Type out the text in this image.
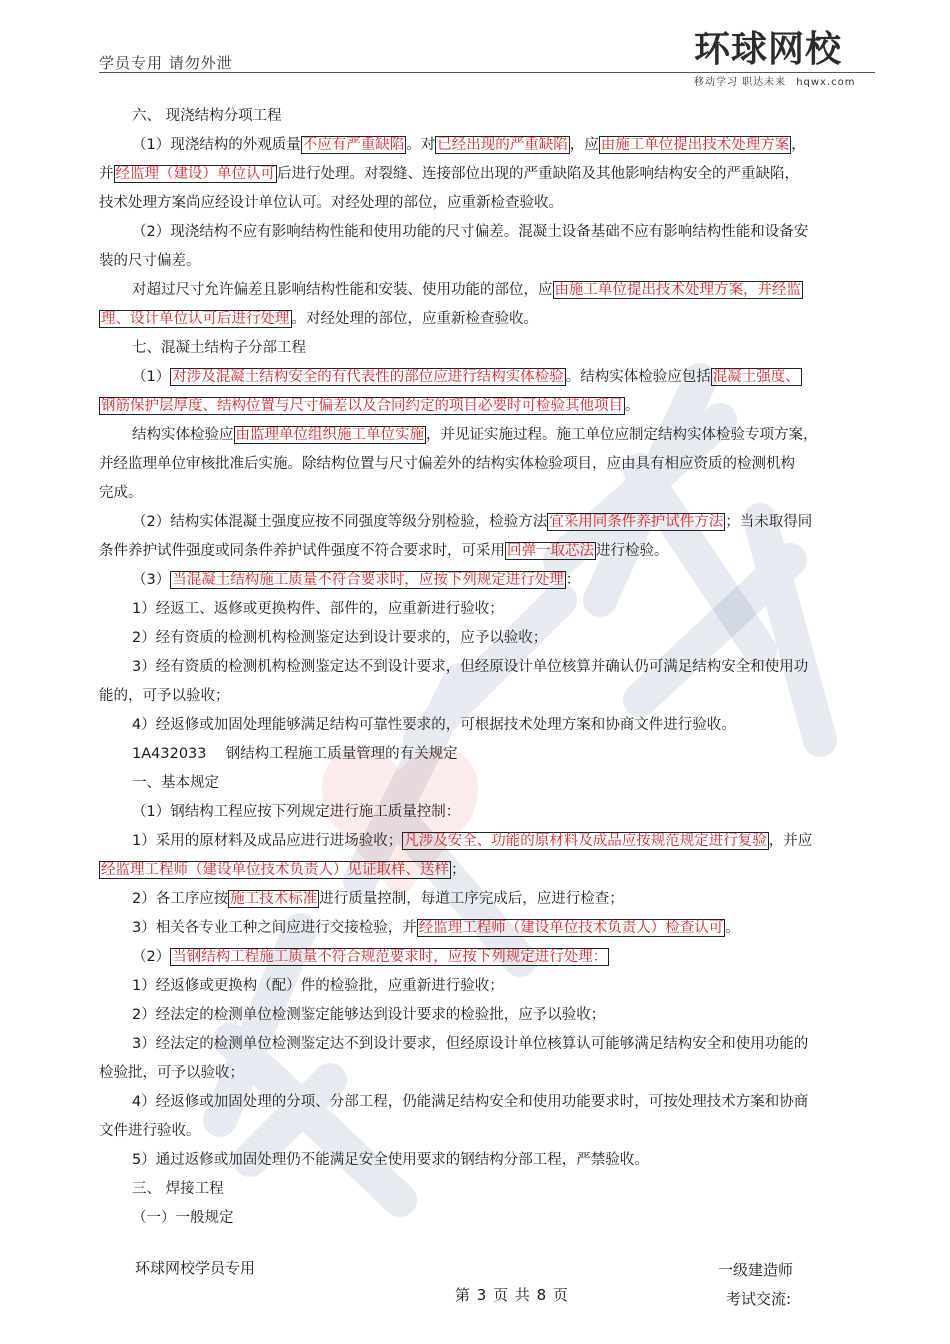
学员专用 请勿外泄	环球网校
移动学习 职达未来 hqwx.com

六、 现浇结构分项工程

（1）现浇结构的外观质量 不应有严重缺陷 。对 已经出现的严重缺陷 ，应 由施工单位提出技术处理方案 ，

并 经监理（建设）单位认可 后进行处理。对裂缝、连接部位出现的严重缺陷及其他影响结构安全的严重缺陷，

技术处理方案尚应经设计单位认可。对经处理的部位，应重新检查验收。

（2）现浇结构不应有影响结构性能和使用功能的尺寸偏差。混凝土设备基础不应有影响结构性能和设备安

装的尺寸偏差。

对超过尺寸允许偏差且影响结构性能和安装、使用功能的部位，应 由施工单位提出技术处理方案，并经监

理、设计单位认可后进行处理 。对经处理的部位，应重新检查验收。

七、混凝土结构子分部工程

（1） 对涉及混凝土结构安全的有代表性的部位应进行结构实体检验 。结构实体检验应包括 混凝土强度、

钢筋保护层厚度、结构位置与尺寸偏差以及合同约定的项目必要时可检验其他项目 。

结构实体检验应 由监理单位组织施工单位实施 ，并见证实施过程。施工单位应制定结构实体检验专项方案，

并经监理单位审核批准后实施。除结构位置与尺寸偏差外的结构实体检验项目，应由具有相应资质的检测机构

完成。

（2）结构实体混凝土强度应按不同强度等级分别检验，检验方法 宜采用同条件养护试件方法 ；当未取得同

条件养护试件强度或同条件养护试件强度不符合要求时，可采用 回弹一取芯法 进行检验。

（3） 当混凝土结构施工质量不符合要求时，应按下列规定进行处理 ：

1）经返工、返修或更换构件、部件的，应重新进行验收；

2）经有资质的检测机构检测鉴定达到设计要求的，应予以验收；

3）经有资质的检测机构检测鉴定达不到设计要求，但经原设计单位核算并确认仍可满足结构安全和使用功

能的，可予以验收；

4）经返修或加固处理能够满足结构可靠性要求的，可根据技术处理方案和协商文件进行验收。

1A432033　 钢结构工程施工质量管理的有关规定

一、基本规定

（1）钢结构工程应按下列规定进行施工质量控制：

1）采用的原材料及成品应进行进场验收； 凡涉及安全、功能的原材料及成品应按规范规定进行复验 ，并应

经监理工程师（建设单位技术负责人）见证取样、送样 ；

2）各工序应按 施工技术标准 进行质量控制，每道工序完成后，应进行检查；

3）相关各专业工种之间应进行交接检验，并 经监理工程师（建设单位技术负责人）检查认可 。

（2） 当钢结构工程施工质量不符合规范要求时，应按下列规定进行处理：

1）经返修或更换构（配）件的检验批，应重新进行验收；

2）经法定的检测单位检测鉴定能够达到设计要求的检验批，应予以验收；

3）经法定的检测单位检测鉴定达不到设计要求，但经原设计单位核算认可能够满足结构安全和使用功能的

检验批，可予以验收；

4）经返修或加固处理的分项、分部工程，仍能满足结构安全和使用功能要求时，可按处理技术方案和协商

文件进行验收。

5）通过返修或加固处理仍不能满足安全使用要求的钢结构分部工程，严禁验收。

三、 焊接工程

（一）一般规定

环球网校学员专用
第 3 页 共 8 页
一级建造师
考试交流:
